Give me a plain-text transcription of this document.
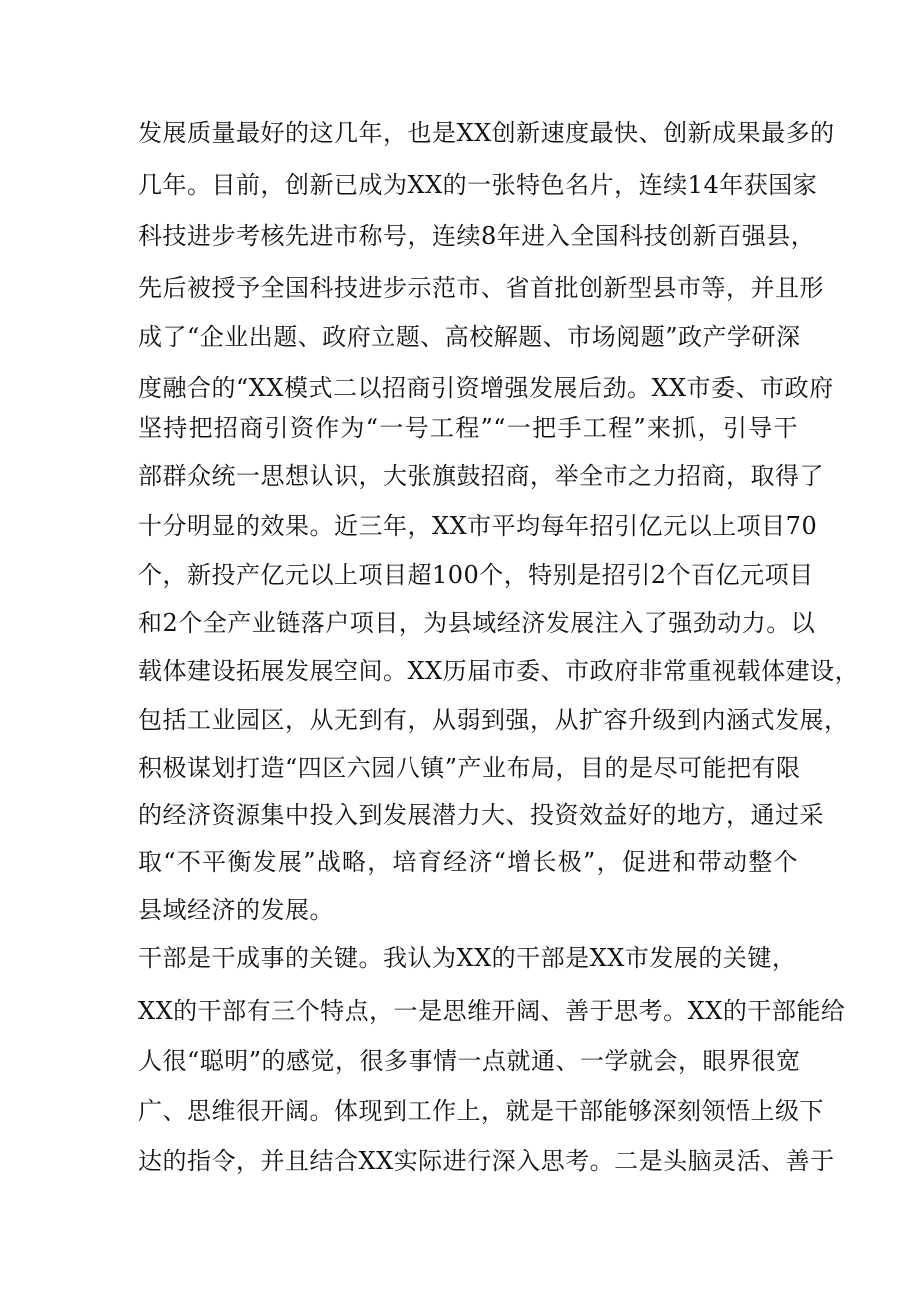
发展质量最好的这几年，也是XX创新速度最快、创新成果最多的
几年。目前，创新已成为XX的一张特色名片，连续14年获国家
科技进步考核先进市称号，连续8年进入全国科技创新百强县，
先后被授予全国科技进步示范市、省首批创新型县市等，并且形
成了“企业出题、政府立题、高校解题、市场阅题”政产学研深
度融合的“XX模式二以招商引资增强发展后劲。XX市委、市政府
坚持把招商引资作为“一号工程”“一把手工程”来抓，引导干
部群众统一思想认识，大张旗鼓招商，举全市之力招商，取得了
十分明显的效果。近三年，XX市平均每年招引亿元以上项目70
个，新投产亿元以上项目超100个，特别是招引2个百亿元项目
和2个全产业链落户项目，为县域经济发展注入了强劲动力。以
载体建设拓展发展空间。XX历届市委、市政府非常重视载体建设，
包括工业园区，从无到有，从弱到强，从扩容升级到内涵式发展，
积极谋划打造“四区六园八镇”产业布局，目的是尽可能把有限
的经济资源集中投入到发展潜力大、投资效益好的地方，通过采
取“不平衡发展”战略，培育经济“增长极”，促进和带动整个
县域经济的发展。
干部是干成事的关键。我认为XX的干部是XX市发展的关键，
XX的干部有三个特点，一是思维开阔、善于思考。XX的干部能给
人很“聪明”的感觉，很多事情一点就通、一学就会，眼界很宽
广、思维很开阔。体现到工作上，就是干部能够深刻领悟上级下
达的指令，并且结合XX实际进行深入思考。二是头脑灵活、善于
